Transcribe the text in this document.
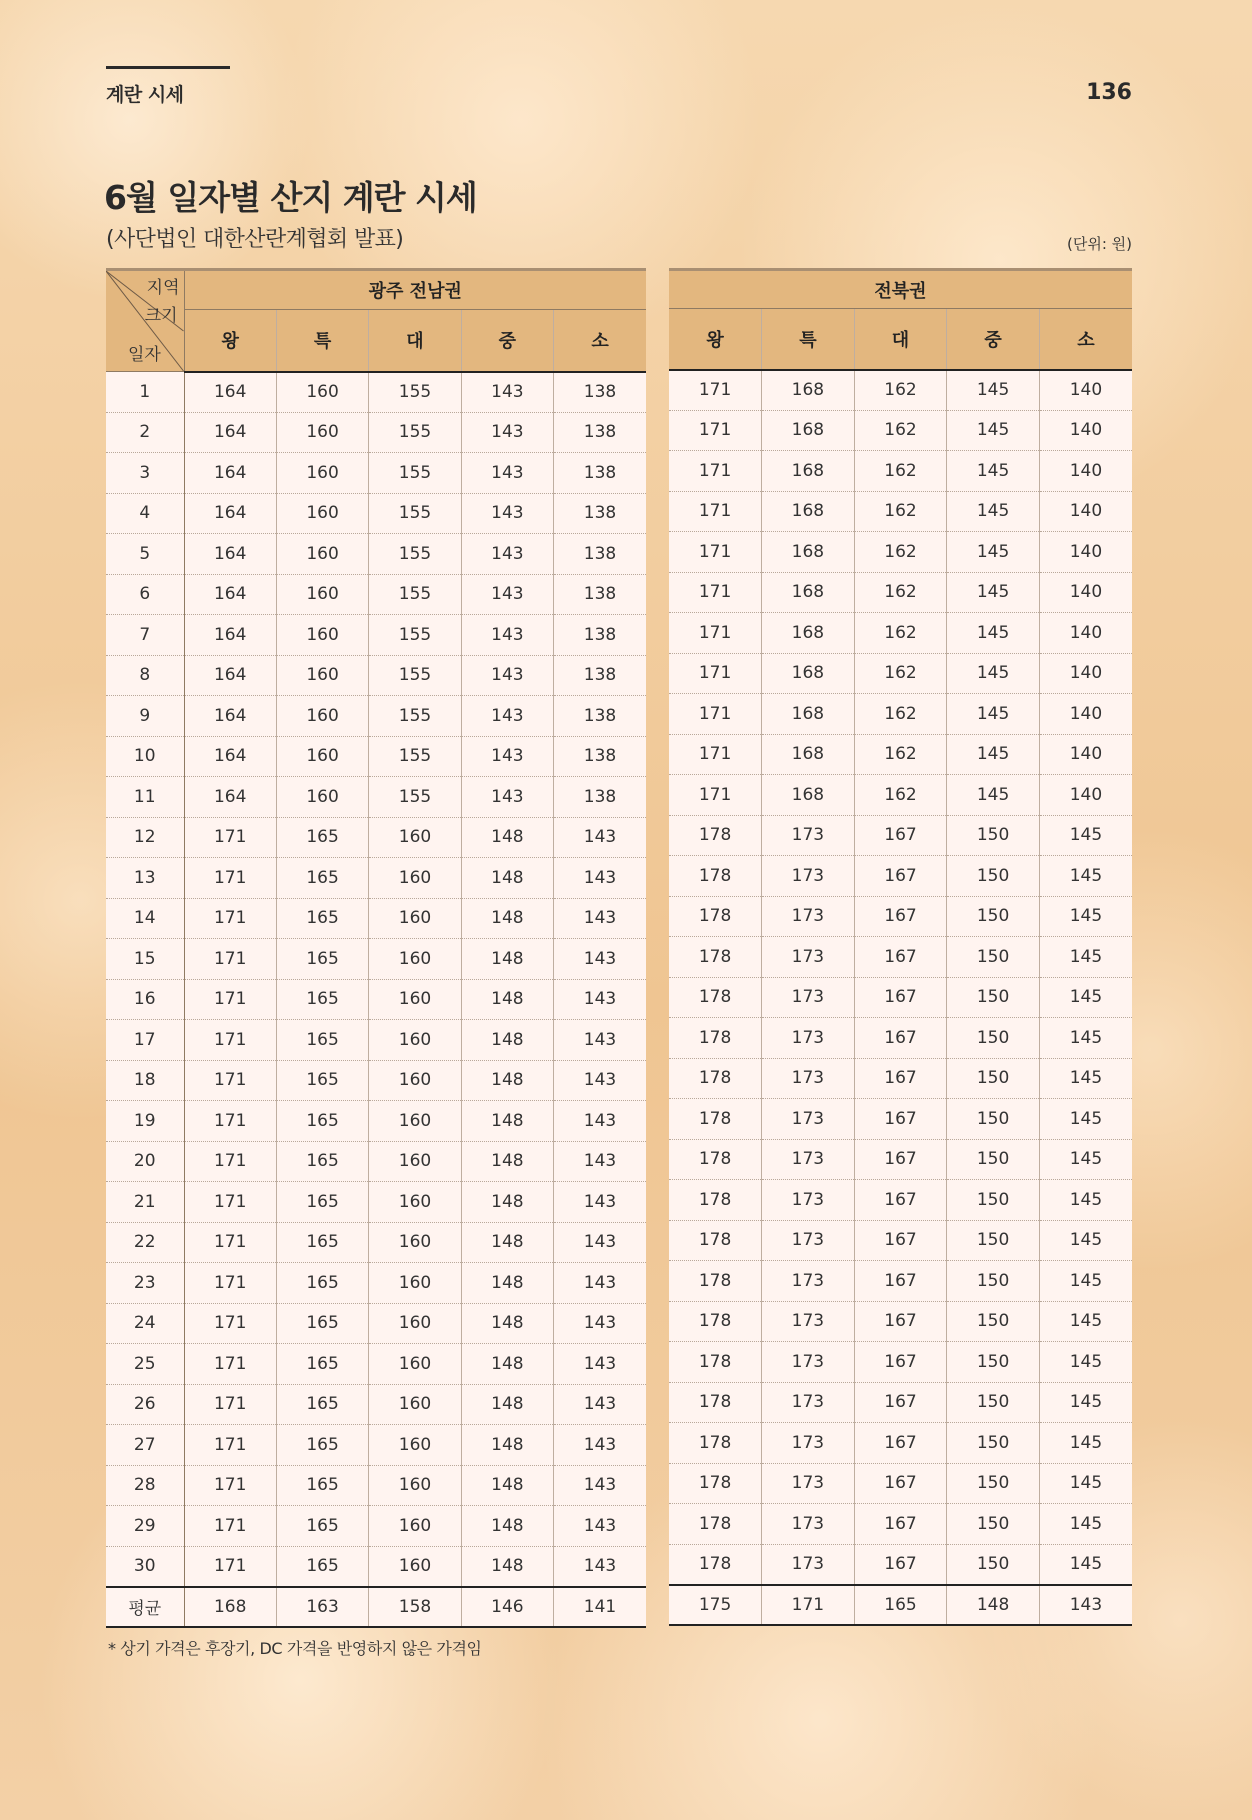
계란 시세	136
6월 일자별 산지 계란 시세
(사단법인 대한산란계협회 발표)	(단위: 원)
지역
크기
일자	광주 전남권				
	왕	특	대	중	소
1	164	160	155	143	138
2	164	160	155	143	138
3	164	160	155	143	138
4	164	160	155	143	138
5	164	160	155	143	138
6	164	160	155	143	138
7	164	160	155	143	138
8	164	160	155	143	138
9	164	160	155	143	138
10	164	160	155	143	138
11	164	160	155	143	138
12	171	165	160	148	143
13	171	165	160	148	143
14	171	165	160	148	143
15	171	165	160	148	143
16	171	165	160	148	143
17	171	165	160	148	143
18	171	165	160	148	143
19	171	165	160	148	143
20	171	165	160	148	143
21	171	165	160	148	143
22	171	165	160	148	143
23	171	165	160	148	143
24	171	165	160	148	143
25	171	165	160	148	143
26	171	165	160	148	143
27	171	165	160	148	143
28	171	165	160	148	143
29	171	165	160	148	143
30	171	165	160	148	143
평균	168	163	158	146	141
전북권				
왕	특	대	중	소
171	168	162	145	140
171	168	162	145	140
171	168	162	145	140
171	168	162	145	140
171	168	162	145	140
171	168	162	145	140
171	168	162	145	140
171	168	162	145	140
171	168	162	145	140
171	168	162	145	140
171	168	162	145	140
178	173	167	150	145
178	173	167	150	145
178	173	167	150	145
178	173	167	150	145
178	173	167	150	145
178	173	167	150	145
178	173	167	150	145
178	173	167	150	145
178	173	167	150	145
178	173	167	150	145
178	173	167	150	145
178	173	167	150	145
178	173	167	150	145
178	173	167	150	145
178	173	167	150	145
178	173	167	150	145
178	173	167	150	145
178	173	167	150	145
178	173	167	150	145
175	171	165	148	143
* 상기 가격은 후장기, DC 가격을 반영하지 않은 가격임
